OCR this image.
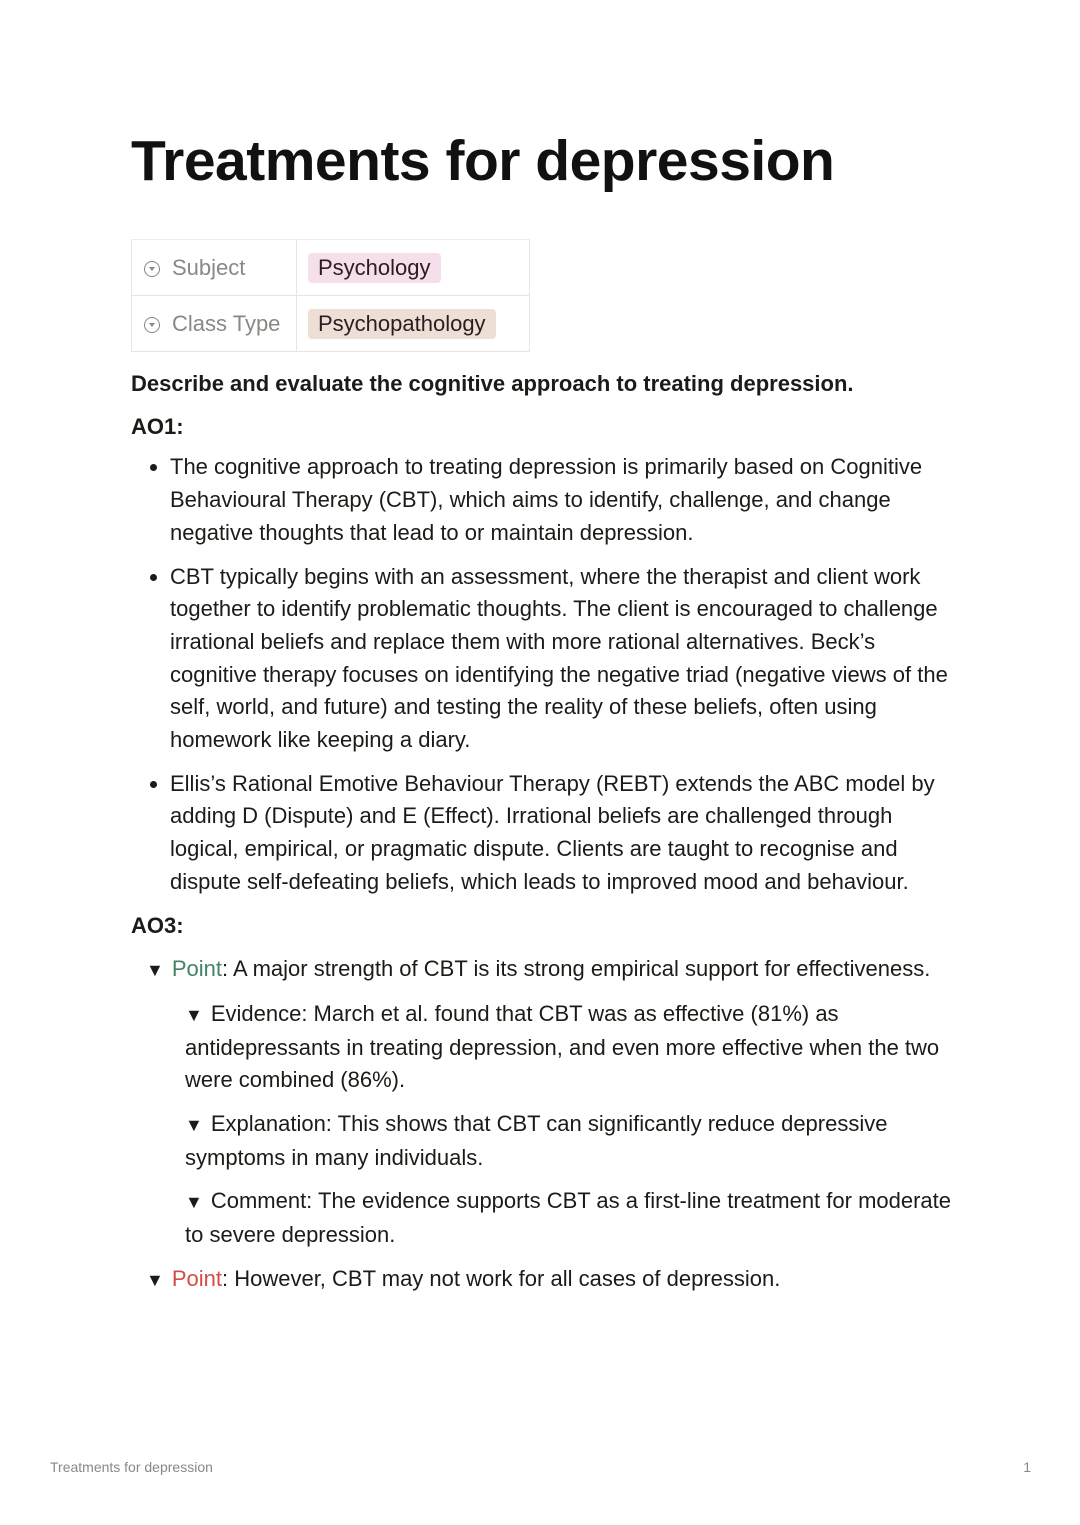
Treatments for depression
Subject	Psychology
Class Type	Psychopathology

Describe and evaluate the cognitive approach to treating depression.

AO1:

• The cognitive approach to treating depression is primarily based on Cognitive Behavioural Therapy (CBT), which aims to identify, challenge, and change negative thoughts that lead to or maintain depression.
• CBT typically begins with an assessment, where the therapist and client work together to identify problematic thoughts. The client is encouraged to challenge irrational beliefs and replace them with more rational alternatives. Beck’s cognitive therapy focuses on identifying the negative triad (negative views of the self, world, and future) and testing the reality of these beliefs, often using homework like keeping a diary.
• Ellis’s Rational Emotive Behaviour Therapy (REBT) extends the ABC model by adding D (Dispute) and E (Effect). Irrational beliefs are challenged through logical, empirical, or pragmatic dispute. Clients are taught to recognise and dispute self-defeating beliefs, which leads to improved mood and behaviour.

AO3:

▼ Point: A major strength of CBT is its strong empirical support for effectiveness.
▼ Evidence: March et al. found that CBT was as effective (81%) as antidepressants in treating depression, and even more effective when the two were combined (86%).
▼ Explanation: This shows that CBT can significantly reduce depressive symptoms in many individuals.
▼ Comment: The evidence supports CBT as a first-line treatment for moderate to severe depression.
▼ Point: However, CBT may not work for all cases of depression.
Treatments for depression	1
